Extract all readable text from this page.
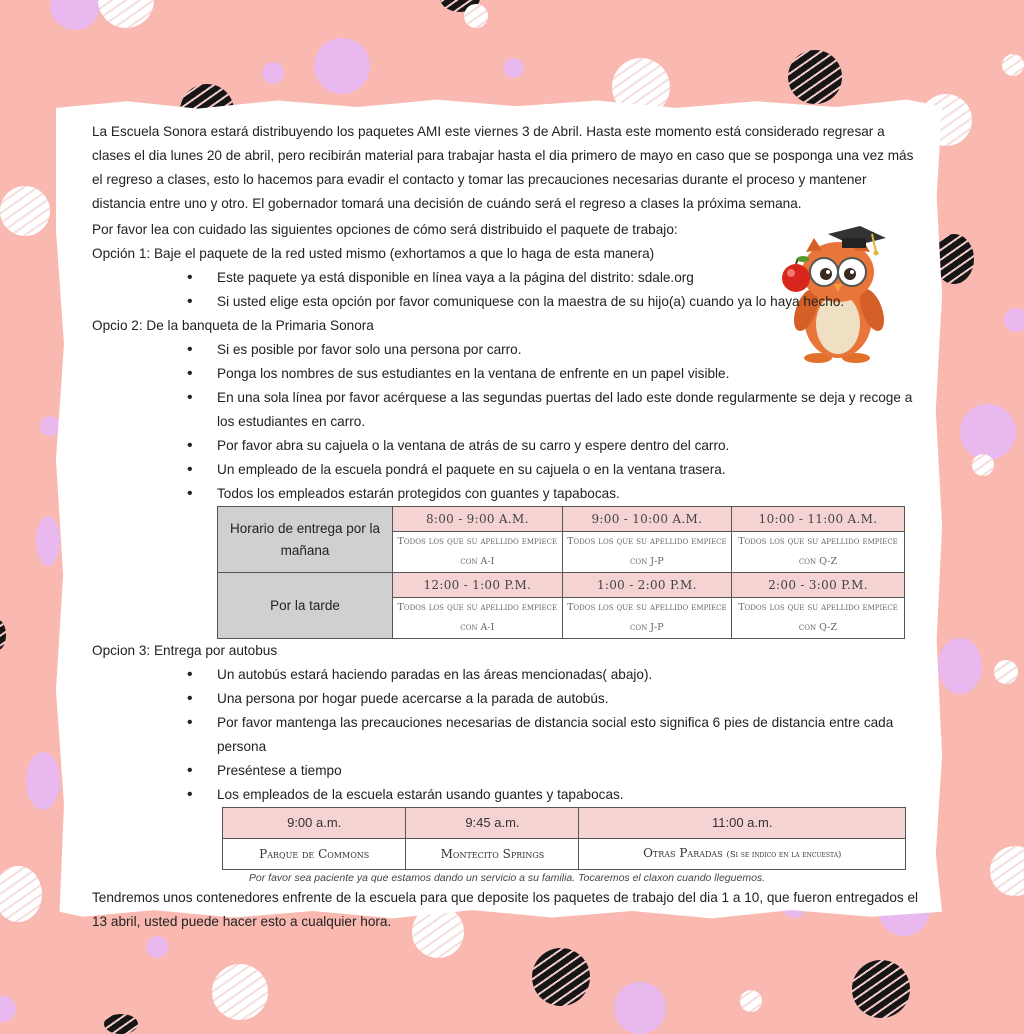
La Escuela Sonora estará distribuyendo los paquetes AMI este viernes 3 de Abril. Hasta este momento está considerado regresar a clases el dia lunes 20 de abril, pero recibirán material para trabajar hasta el dia primero de mayo en caso que se posponga una vez más el regreso a clases, esto lo hacemos para evadir el contacto y tomar las precauciones necesarias durante el proceso y mantener distancia entre uno y otro. El gobernador tomará una decisión de cuándo será el regreso a clases la próxima semana.

Por favor lea con cuidado las siguientes opciones de cómo será distribuido el paquete de trabajo:

Opción 1: Baje el paquete de la red usted mismo (exhortamos a que lo haga de esta manera)

• Este paquete ya está disponible en línea vaya a la página del distrito: sdale.org
• Si usted elige esta opción por favor comuniquese con la maestra de su hijo(a) cuando ya lo haya hecho.

Opcio 2: De la banqueta de la Primaria Sonora

• Si es posible por favor solo una persona por carro.
• Ponga los nombres de sus estudiantes en la ventana de enfrente en un papel visible.
• En una sola línea por favor acérquese a las segundas puertas del lado este donde regularmente se deja y recoge a los estudiantes en carro.
• Por favor abra su cajuela o la ventana de atrás de su carro y espere dentro del carro.
• Un empleado de la escuela pondrá el paquete en su cajuela o en la ventana trasera.
• Todos los empleados estarán protegidos con guantes y tapabocas.
Horario de entrega por la mañana	8:00 - 9:00 A.M.	9:00 - 10:00 A.M.	10:00 - 11:00 A.M.
	Todos los que su apellido empiece con A-I	Todos los que su apellido empiece con J-P	Todos los que su apellido empiece con Q-Z
Por la tarde	12:00 - 1:00 P.M.	1:00 - 2:00 P.M.	2:00 - 3:00 P.M.
	Todos los que su apellido empiece con A-I	Todos los que su apellido empiece con J-P	Todos los que su apellido empiece con Q-Z

Opcion 3: Entrega por autobus

• Un autobús estará haciendo paradas en las áreas mencionadas( abajo).
• Una persona por hogar puede acercarse a la parada de autobús.
• Por favor mantenga las precauciones necesarias de distancia social esto significa 6 pies de distancia entre cada persona
• Preséntese a tiempo
• Los empleados de la escuela estarán usando guantes y tapabocas.
9:00 a.m.	9:45 a.m.	11:00 a.m.
Parque de Commons	Montecito Springs	Otras Paradas (Si se indico en la encuesta)

Por favor sea paciente ya que estamos dando un servicio a su familia. Tocaremos el claxon cuando lleguemos.

Tendremos unos contenedores enfrente de la escuela para que deposite los paquetes de trabajo del dia 1 a 10, que fueron entregados el 13 abril, usted puede hacer esto a cualquier hora.
